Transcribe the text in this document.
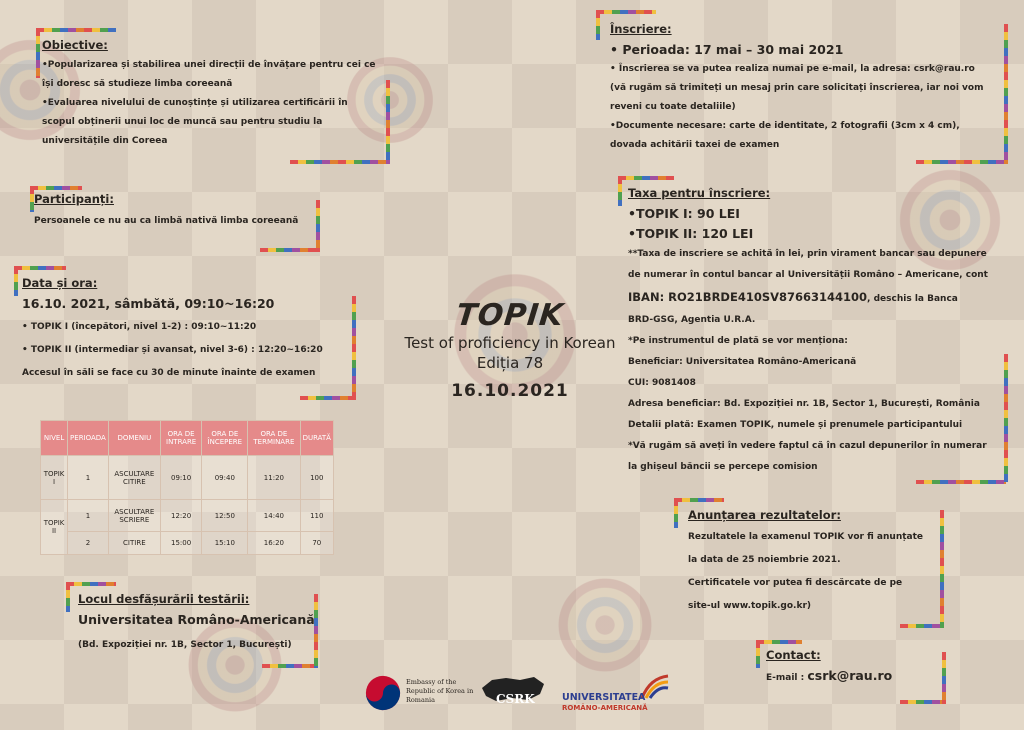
Obiective:

•Popularizarea și stabilirea unei direcții de învățare pentru cei ce își doresc să studieze limba coreeană

•Evaluarea nivelului de cunoștințe și utilizarea certificării în scopul obținerii unui loc de muncă sau pentru studiu la universitățile din Coreea

Participanți:

Persoanele ce nu au ca limbă nativă limba coreeană

Data și ora:

16.10. 2021, sâmbătă, 09:10~16:20

• TOPIK I (începători, nivel 1-2) : 09:10~11:20

• TOPIK II (intermediar și avansat, nivel 3-6) : 12:20~16:20

Accesul în săli se face cu 30 de minute înainte de examen

NIVEL	PERIOADA	DOMENIU	ORA DE INTRARE	ORA DE ÎNCEPERE	ORA DE TERMINARE	DURATĂ
TOPIK I	1	ASCULTARE CITIRE	09:10	09:40	11:20	100
TOPIK II	1	ASCULTARE SCRIERE	12:20	12:50	14:40	110
	2	CITIRE	15:00	15:10	16:20	70

Locul desfășurării testării:

Universitatea Româno-Americană

(Bd. Expoziției nr. 1B, Sector 1, București)

TOPIK
Test of proficiency in Korean
Ediția 78
16.10.2021

Înscriere:

• Perioada: 17 mai – 30 mai 2021

• Înscrierea se va putea realiza numai pe e-mail, la adresa: csrk@rau.ro

(vă rugăm să trimiteți un mesaj prin care solicitați înscrierea, iar noi vom

reveni cu toate detaliile)

•Documente necesare: carte de identitate, 2 fotografii (3cm x 4 cm),

dovada achitării taxei de examen

Taxa pentru înscriere:

•TOPIK I: 90 LEI

•TOPIK II: 120 LEI

**Taxa de inscriere se achită în lei, prin virament bancar sau depunere

de numerar în contul bancar al Universității Româno – Americane, cont

IBAN: RO21BRDE410SV87663144100, deschis la Banca

BRD-GSG, Agentia U.R.A.

*Pe instrumentul de plată se vor menționa:

Beneficiar: Universitatea Româno-Americană

CUI: 9081408

Adresa beneficiar: Bd. Expoziției nr. 1B, Sector 1, București, România

Detalii plată: Examen TOPIK, numele și prenumele participantului

*Vă rugăm să aveți în vedere faptul că în cazul depunerilor în numerar

la ghișeul băncii se percepe comision

Anunțarea rezultatelor:

Rezultatele la examenul TOPIK vor fi anunțate

la data de 25 noiembrie 2021.

Certificatele vor putea fi descărcate de pe

site-ul www.topik.go.kr)

Contact:

E-mail : csrk@rau.ro

Embassy of the Republic of Korea in Romania	CSRK	UNIVERSITATEA
ROMÂNO-AMERICANĂ
